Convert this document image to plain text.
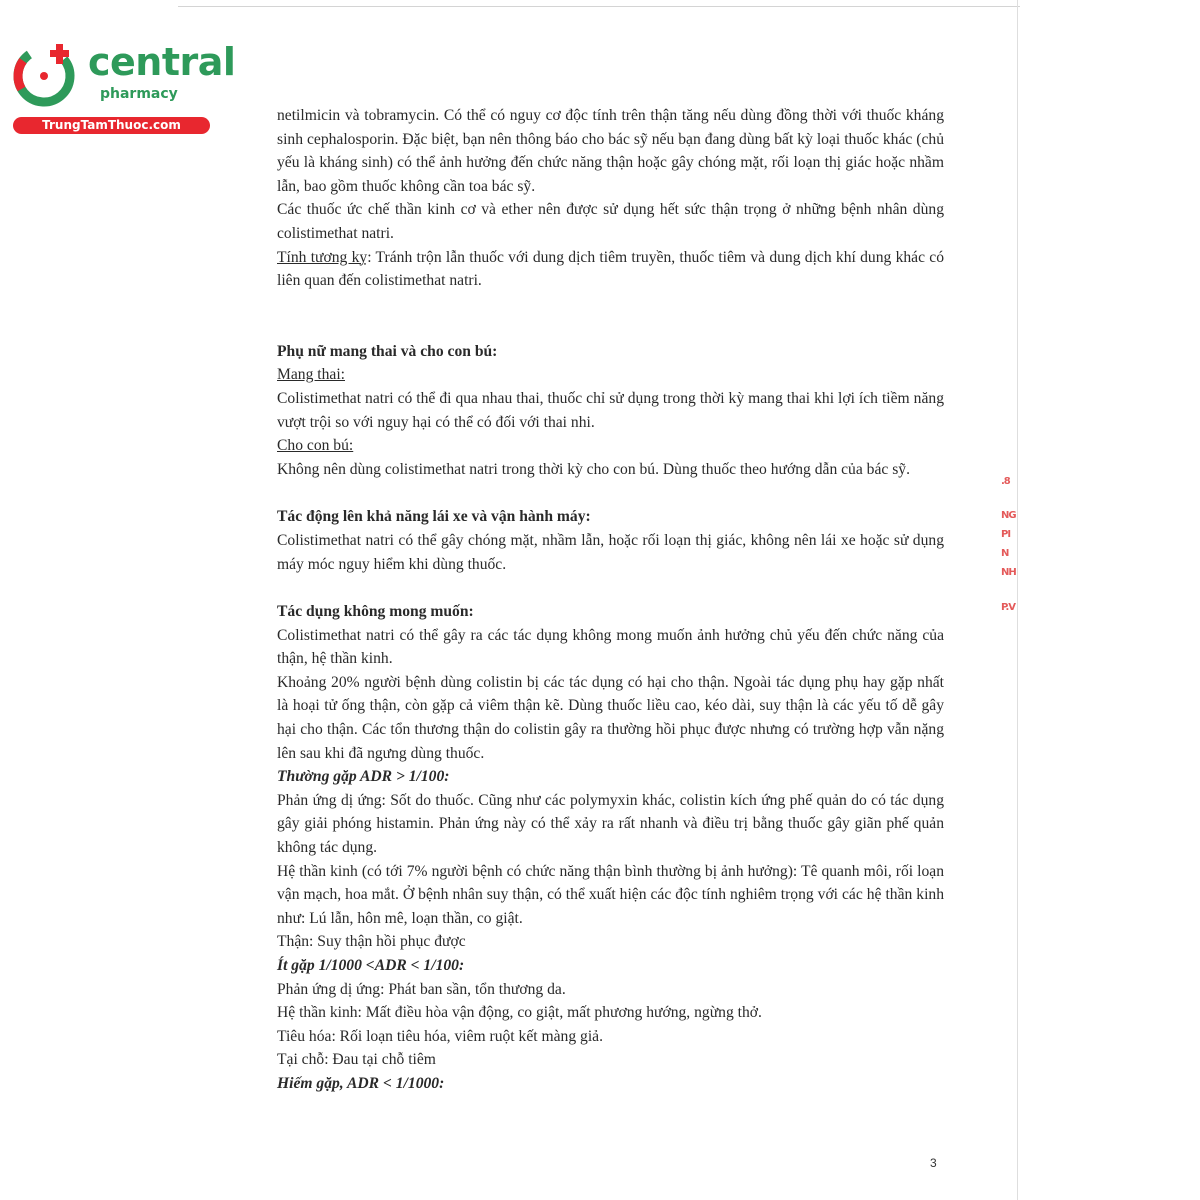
central
pharmacy
TrungTamThuoc.com
.8
NG
PI
N
NH
P.V

netilmicin và tobramycin. Có thể có nguy cơ độc tính trên thận tăng nếu dùng đồng thời với thuốc kháng sinh cephalosporin. Đặc biệt, bạn nên thông báo cho bác sỹ nếu bạn đang dùng bất kỳ loại thuốc khác (chủ yếu là kháng sinh) có thể ảnh hưởng đến chức năng thận hoặc gây chóng mặt, rối loạn thị giác hoặc nhầm lẫn, bao gồm thuốc không cần toa bác sỹ.

Các thuốc ức chế thần kinh cơ và ether nên được sử dụng hết sức thận trọng ở những bệnh nhân dùng colistimethat natri.

Tính tương kỵ: Tránh trộn lẫn thuốc với dung dịch tiêm truyền, thuốc tiêm và dung dịch khí dung khác có liên quan đến colistimethat natri.

Phụ nữ mang thai và cho con bú:

Mang thai:

Colistimethat natri có thể đi qua nhau thai, thuốc chỉ sử dụng trong thời kỳ mang thai khi lợi ích tiềm năng vượt trội so với nguy hại có thể có đối với thai nhi.

Cho con bú:

Không nên dùng colistimethat natri trong thời kỳ cho con bú. Dùng thuốc theo hướng dẫn của bác sỹ.

Tác động lên khả năng lái xe và vận hành máy:

Colistimethat natri có thể gây chóng mặt, nhầm lẫn, hoặc rối loạn thị giác, không nên lái xe hoặc sử dụng máy móc nguy hiểm khi dùng thuốc.

Tác dụng không mong muốn:

Colistimethat natri có thể gây ra các tác dụng không mong muốn ảnh hưởng chủ yếu đến chức năng của thận, hệ thần kinh.

Khoảng 20% người bệnh dùng colistin bị các tác dụng có hại cho thận. Ngoài tác dụng phụ hay gặp nhất là hoại tử ống thận, còn gặp cả viêm thận kẽ. Dùng thuốc liều cao, kéo dài, suy thận là các yếu tố dễ gây hại cho thận. Các tổn thương thận do colistin gây ra thường hồi phục được nhưng có trường hợp vẫn nặng lên sau khi đã ngưng dùng thuốc.

Thường gặp ADR > 1/100:

Phản ứng dị ứng: Sốt do thuốc. Cũng như các polymyxin khác, colistin kích ứng phế quản do có tác dụng gây giải phóng histamin. Phản ứng này có thể xảy ra rất nhanh và điều trị bằng thuốc gây giãn phế quản không tác dụng.

Hệ thần kinh (có tới 7% người bệnh có chức năng thận bình thường bị ảnh hưởng): Tê quanh môi, rối loạn vận mạch, hoa mắt. Ở bệnh nhân suy thận, có thể xuất hiện các độc tính nghiêm trọng với các hệ thần kinh như: Lú lẫn, hôn mê, loạn thần, co giật.

Thận: Suy thận hồi phục được

Ít gặp 1/1000 <ADR < 1/100:

Phản ứng dị ứng: Phát ban sần, tổn thương da.

Hệ thần kinh: Mất điều hòa vận động, co giật, mất phương hướng, ngừng thở.

Tiêu hóa: Rối loạn tiêu hóa, viêm ruột kết màng giả.

Tại chỗ: Đau tại chỗ tiêm

Hiếm gặp, ADR < 1/1000:

3
